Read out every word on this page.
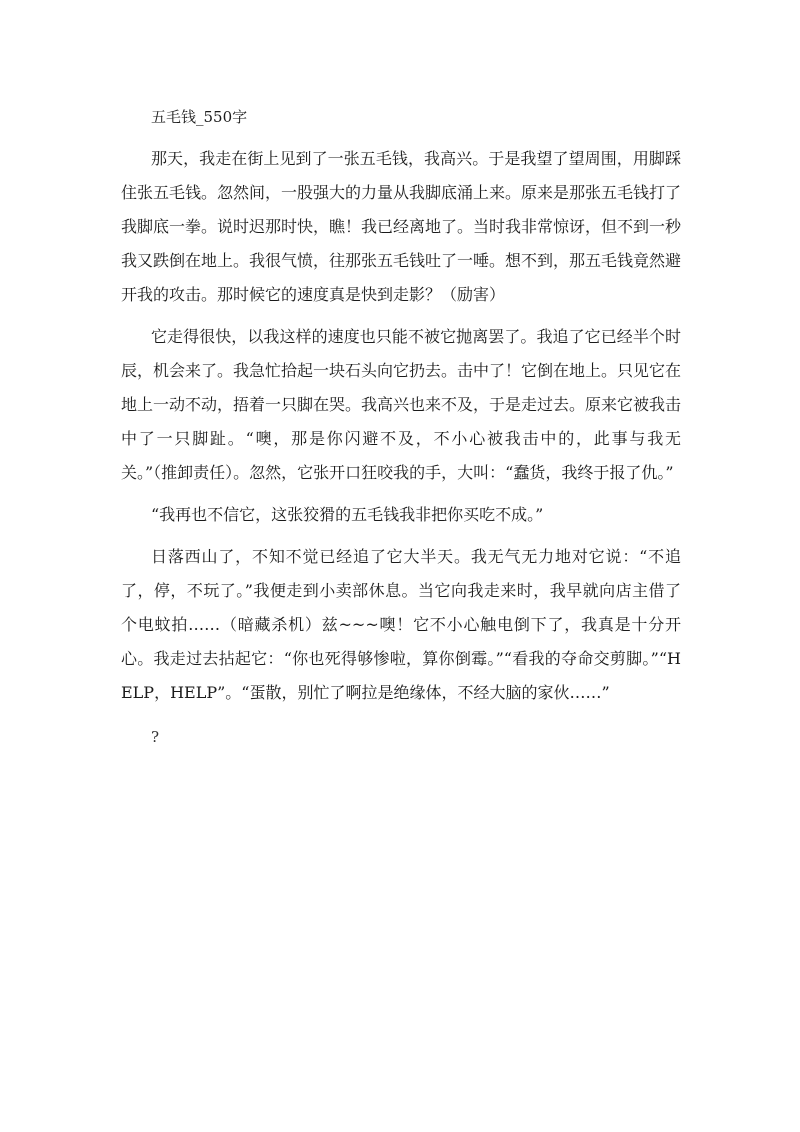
五毛钱_550字

那天，我走在街上见到了一张五毛钱，我高兴。于是我望了望周围，用脚踩住张五毛钱。忽然间，一股强大的力量从我脚底涌上来。原来是那张五毛钱打了我脚底一拳。说时迟那时快，瞧！我已经离地了。当时我非常惊讶，但不到一秒我又跌倒在地上。我很气愤，往那张五毛钱吐了一唾。想不到，那五毛钱竟然避开我的攻击。那时候它的速度真是快到走影？（励害）

它走得很快，以我这样的速度也只能不被它抛离罢了。我追了它已经半个时辰，机会来了。我急忙拾起一块石头向它扔去。击中了！它倒在地上。只见它在地上一动不动，捂着一只脚在哭。我高兴也来不及，于是走过去。原来它被我击中了一只脚趾。“噢，那是你闪避不及，不小心被我击中的，此事与我无关。”（推卸责任）。忽然，它张开口狂咬我的手，大叫：“蠢货，我终于报了仇。”

“我再也不信它，这张狡猾的五毛钱我非把你买吃不成。”

日落西山了，不知不觉已经追了它大半天。我无气无力地对它说：“不追了，停，不玩了。”我便走到小卖部休息。当它向我走来时，我早就向店主借了个电蚊拍……（暗藏杀机）兹~~~噢！它不小心触电倒下了，我真是十分开心。我走过去拈起它：“你也死得够惨啦，算你倒霉。”“看我的夺命交剪脚。”“HELP，HELP”。“蛋散，别忙了啊拉是绝缘体，不经大脑的家伙……”

?
